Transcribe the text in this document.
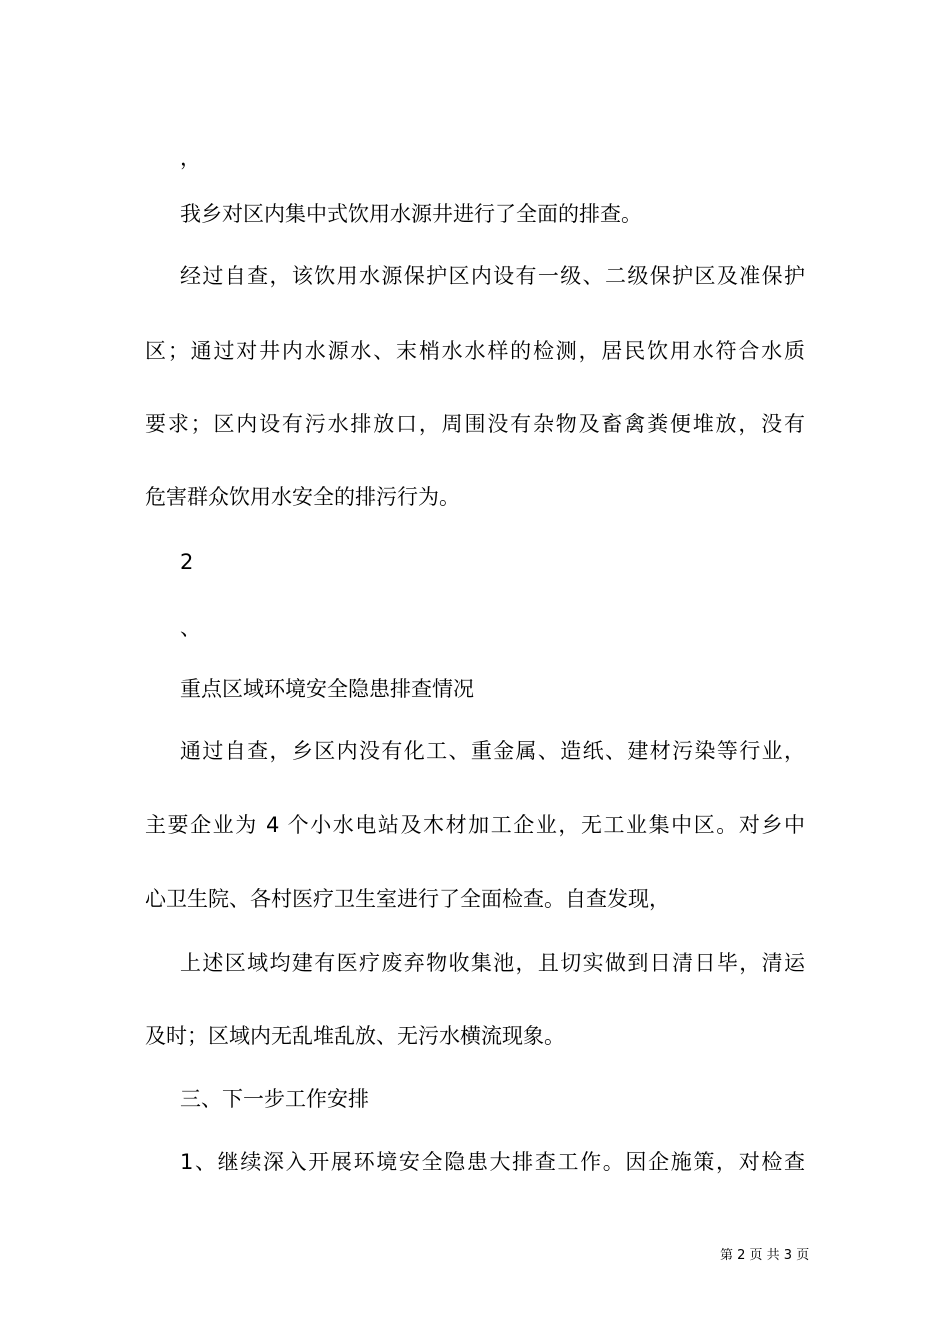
，
我乡对区内集中式饮用水源井进行了全面的排查。
经过自查，该饮用水源保护区内设有一级、二级保护区及准保护
区；通过对井内水源水、末梢水水样的检测，居民饮用水符合水质
要求；区内设有污水排放口，周围没有杂物及畜禽粪便堆放，没有
危害群众饮用水安全的排污行为。
2
、
重点区域环境安全隐患排查情况
通过自查，乡区内没有化工、重金属、造纸、建材污染等行业，
主要企业为 4 个小水电站及木材加工企业，无工业集中区。对乡中
心卫生院、各村医疗卫生室进行了全面检查。自查发现，
上述区域均建有医疗废弃物收集池，且切实做到日清日毕，清运
及时；区域内无乱堆乱放、无污水横流现象。
三、下一步工作安排
1、继续深入开展环境安全隐患大排查工作。因企施策，对检查
第 2 页 共 3 页
